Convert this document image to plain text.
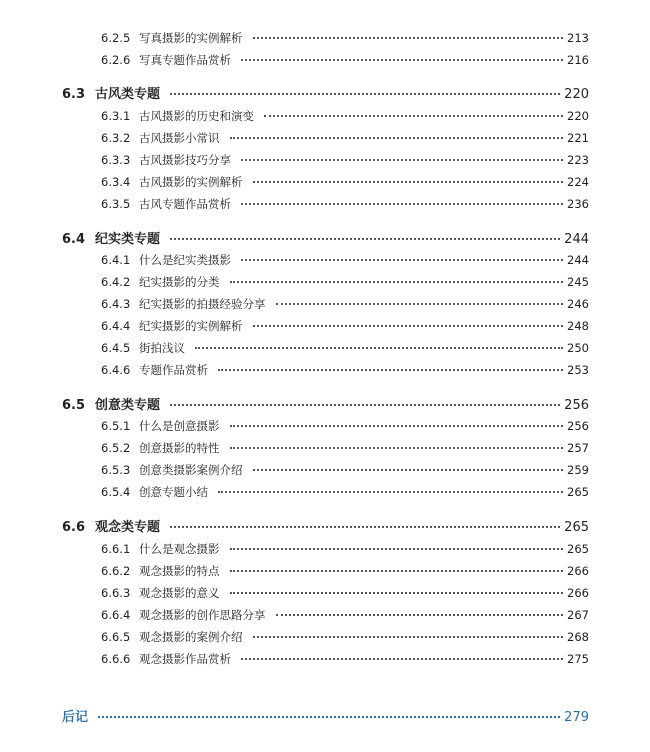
6.2.5 写真摄影的实例解析	213
6.2.6 写真专题作品赏析	216
6.3 古风类专题	220
6.3.1 古风摄影的历史和演变	220
6.3.2 古风摄影小常识	221
6.3.3 古风摄影技巧分享	223
6.3.4 古风摄影的实例解析	224
6.3.5 古风专题作品赏析	236
6.4 纪实类专题	244
6.4.1 什么是纪实类摄影	244
6.4.2 纪实摄影的分类	245
6.4.3 纪实摄影的拍摄经验分享	246
6.4.4 纪实摄影的实例解析	248
6.4.5 街拍浅议	250
6.4.6 专题作品赏析	253
6.5 创意类专题	256
6.5.1 什么是创意摄影	256
6.5.2 创意摄影的特性	257
6.5.3 创意类摄影案例介绍	259
6.5.4 创意专题小结	265
6.6 观念类专题	265
6.6.1 什么是观念摄影	265
6.6.2 观念摄影的特点	266
6.6.3 观念摄影的意义	266
6.6.4 观念摄影的创作思路分享	267
6.6.5 观念摄影的案例介绍	268
6.6.6 观念摄影作品赏析	275
后记	279
